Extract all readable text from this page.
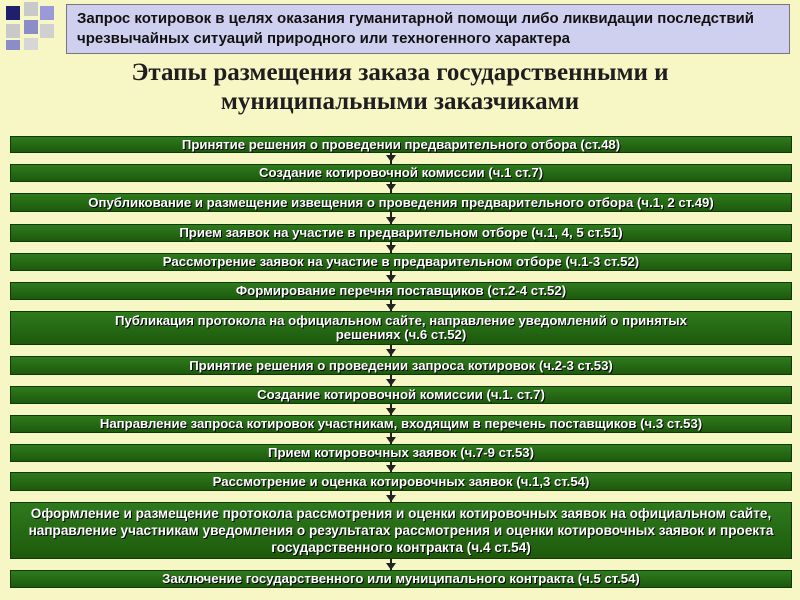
Запрос котировок в целях оказания гуманитарной помощи либо ликвидации последствий чрезвычайных ситуаций природного или техногенного характера
Этапы размещения заказа государственными и муниципальными заказчиками
Принятие решения о проведении предварительного отбора (ст.48)
Создание котировочной комиссии (ч.1 ст.7)
Опубликование и размещение извещения о проведения предварительного отбора (ч.1, 2 ст.49)
Прием заявок на участие в предварительном отборе (ч.1, 4, 5 ст.51)
Рассмотрение заявок на участие в предварительном отборе (ч.1-3 ст.52)
Формирование перечня поставщиков (ст.2-4 ст.52)
Публикация протокола на официальном сайте, направление уведомлений о принятых решениях (ч.6 ст.52)
Принятие решения о проведении запроса котировок (ч.2-3 ст.53)
Создание котировочной комиссии (ч.1. ст.7)
Направление запроса котировок участникам, входящим в перечень поставщиков (ч.3 ст.53)
Прием котировочных заявок (ч.7-9 ст.53)
Рассмотрение и оценка котировочных заявок (ч.1,3 ст.54)
Оформление и размещение протокола рассмотрения и оценки котировочных заявок на официальном сайте, направление участникам уведомления о результатах рассмотрения и оценки котировочных заявок и проекта государственного контракта (ч.4 ст.54)
Заключение государственного или муниципального контракта (ч.5 ст.54)
